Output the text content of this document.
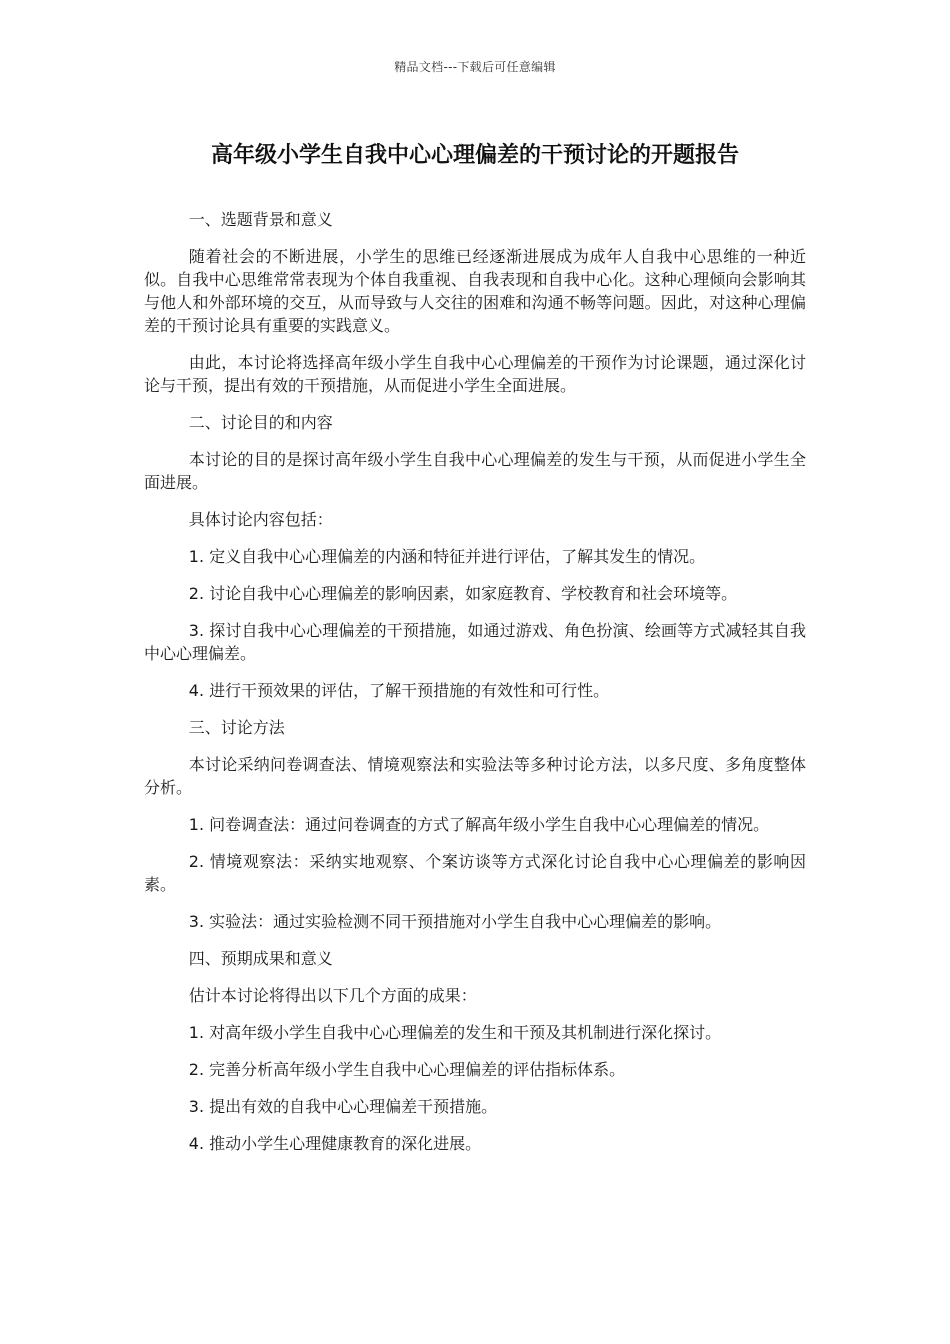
精品文档---下载后可任意编辑
高年级小学生自我中心心理偏差的干预讨论的开题报告

一、选题背景和意义

随着社会的不断进展，小学生的思维已经逐渐进展成为成年人自我中心思维的一种近似。自我中心思维常常表现为个体自我重视、自我表现和自我中心化。这种心理倾向会影响其与他人和外部环境的交互，从而导致与人交往的困难和沟通不畅等问题。因此，对这种心理偏差的干预讨论具有重要的实践意义。

由此，本讨论将选择高年级小学生自我中心心理偏差的干预作为讨论课题，通过深化讨论与干预，提出有效的干预措施，从而促进小学生全面进展。

二、讨论目的和内容

本讨论的目的是探讨高年级小学生自我中心心理偏差的发生与干预，从而促进小学生全面进展。

具体讨论内容包括：

1. 定义自我中心心理偏差的内涵和特征并进行评估，了解其发生的情况。

2. 讨论自我中心心理偏差的影响因素，如家庭教育、学校教育和社会环境等。

3. 探讨自我中心心理偏差的干预措施，如通过游戏、角色扮演、绘画等方式减轻其自我中心心理偏差。

4. 进行干预效果的评估，了解干预措施的有效性和可行性。

三、讨论方法

本讨论采纳问卷调查法、情境观察法和实验法等多种讨论方法，以多尺度、多角度整体分析。

1. 问卷调查法：通过问卷调查的方式了解高年级小学生自我中心心理偏差的情况。

2. 情境观察法：采纳实地观察、个案访谈等方式深化讨论自我中心心理偏差的影响因素。

3. 实验法：通过实验检测不同干预措施对小学生自我中心心理偏差的影响。

四、预期成果和意义

估计本讨论将得出以下几个方面的成果：

1. 对高年级小学生自我中心心理偏差的发生和干预及其机制进行深化探讨。

2. 完善分析高年级小学生自我中心心理偏差的评估指标体系。

3. 提出有效的自我中心心理偏差干预措施。

4. 推动小学生心理健康教育的深化进展。
